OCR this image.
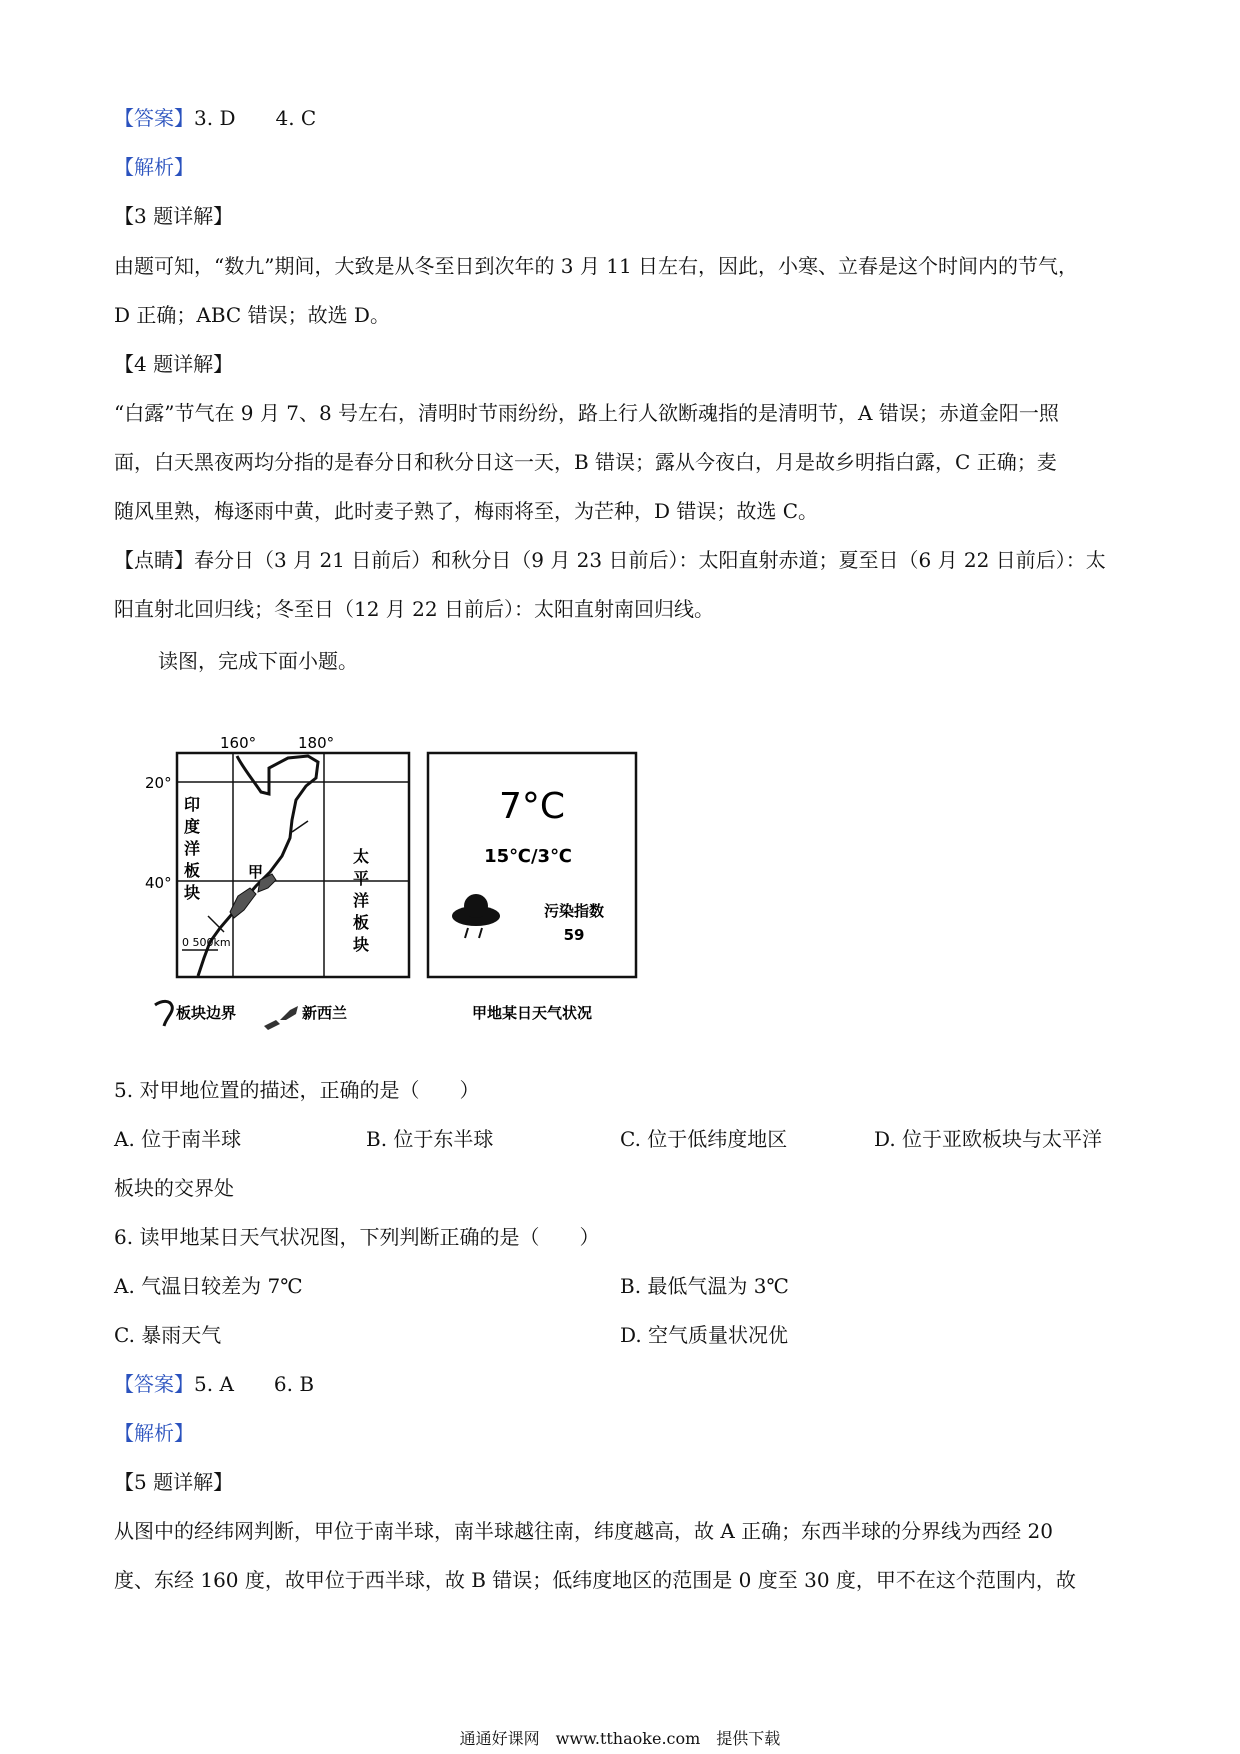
【答案】3. D　　4. C
【解析】
【3 题详解】
由题可知，“数九”期间，大致是从冬至日到次年的 3 月 11 日左右，因此，小寒、立春是这个时间内的节气，
D 正确；ABC 错误；故选 D。
【4 题详解】
“白露”节气在 9 月 7、8 号左右，清明时节雨纷纷，路上行人欲断魂指的是清明节，A 错误；赤道金阳一照
面，白天黑夜两均分指的是春分日和秋分日这一天，B 错误；露从今夜白，月是故乡明指白露，C 正确；麦
随风里熟，梅逐雨中黄，此时麦子熟了，梅雨将至，为芒种，D 错误；故选 C。
【点睛】春分日（3 月 21 日前后）和秋分日（9 月 23 日前后）：太阳直射赤道；夏至日（6 月 22 日前后）：太
阳直射北回归线；冬至日（12 月 22 日前后）：太阳直射南回归线。
读图，完成下面小题。
160°	180°
20°
40°
印 度 洋 板 块
太 平 洋 板 块
甲
0 500km
板块边界	新西兰
7°C
15℃/3℃
污染指数
59
甲地某日天气状况
5. 对甲地位置的描述，正确的是（　　）
A. 位于南半球	B. 位于东半球	C. 位于低纬度地区	D. 位于亚欧板块与太平洋
板块的交界处
6. 读甲地某日天气状况图，下列判断正确的是（　　）
A. 气温日较差为 7℃	B. 最低气温为 3℃
C. 暴雨天气	D. 空气质量状况优
【答案】5. A　　6. B
【解析】
【5 题详解】
从图中的经纬网判断，甲位于南半球，南半球越往南，纬度越高，故 A 正确；东西半球的分界线为西经 20
度、东经 160 度，故甲位于西半球，故 B 错误；低纬度地区的范围是 0 度至 30 度，甲不在这个范围内，故
通通好课网　www.tthaoke.com　提供下载
